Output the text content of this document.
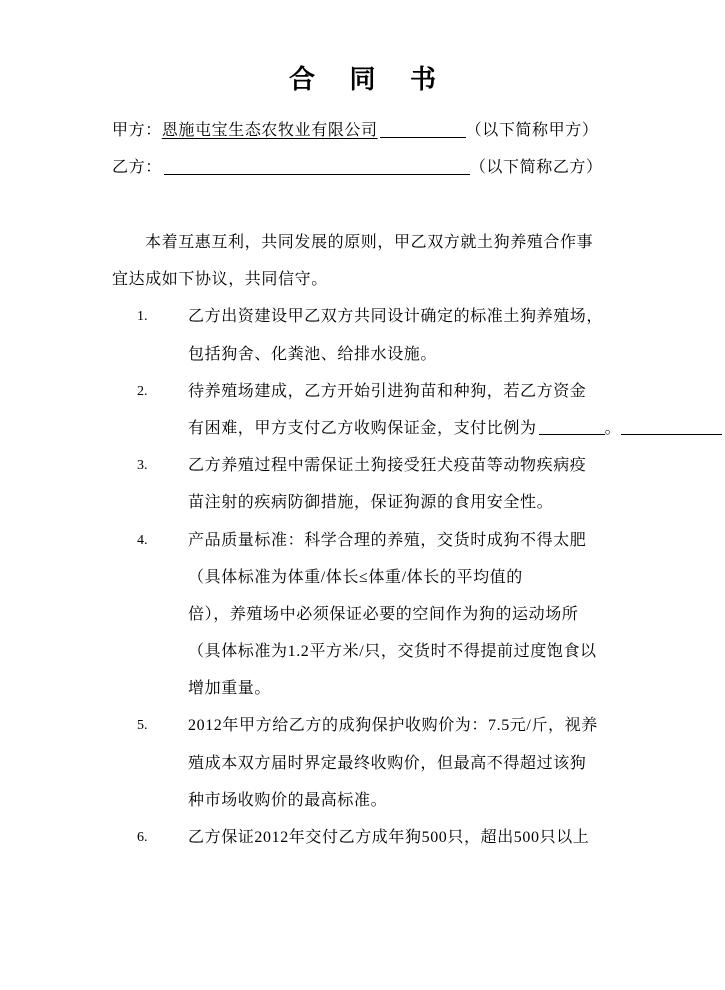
合 同 书
甲方：恩施屯宝生态农牧业有限公司	（以下简称甲方）
乙方：	（以下简称乙方）
本着互惠互利，共同发展的原则，甲乙双方就土狗养殖合作事
宜达成如下协议，共同信守。
1.	乙方出资建设甲乙双方共同设计确定的标准土狗养殖场，
包括狗舍、化粪池、给排水设施。
2.	待养殖场建成，乙方开始引进狗苗和种狗，若乙方资金
有困难，甲方支付乙方收购保证金，支付比例为	。
3.	乙方养殖过程中需保证土狗接受狂犬疫苗等动物疾病疫
苗注射的疾病防御措施，保证狗源的食用安全性。
4.	产品质量标准：科学合理的养殖，交货时成狗不得太肥
（具体标准为体重/体长≤体重/体长的平均值的
倍），养殖场中必须保证必要的空间作为狗的运动场所
（具体标准为1.2平方米/只，交货时不得提前过度饱食以
增加重量。
5.	2012年甲方给乙方的成狗保护收购价为：7.5元/斤，视养
殖成本双方届时界定最终收购价，但最高不得超过该狗
种市场收购价的最高标准。
6.	乙方保证2012年交付乙方成年狗500只，超出500只以上
